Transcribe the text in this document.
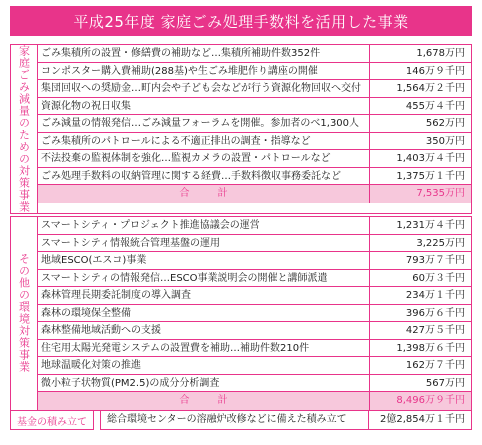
平成25年度 家庭ごみ処理手数料を活用した事業
家庭ごみ減量のための対策事業	ごみ集積所の設置・修繕費の補助など…集積所補助件数352件	1,678万円
コンポスター購入費補助(288基)や生ごみ堆肥作り講座の開催	146万９千円
集団回収への奨励金…町内会や子ども会などが行う資源化物回収へ交付	1,564万２千円
資源化物の祝日収集	455万４千円
ごみ減量の情報発信…ごみ減量フォーラムを開催。参加者のべ1,300人	562万円
ごみ集積所のパトロールによる不適正排出の調査・指導など	350万円
不法投棄の監視体制を強化…監視カメラの設置・パトロールなど	1,403万４千円
ごみ処理手数料の収納管理に関する経費…手数料徴収事務委託など	1,375万１千円
合計	7,535万円
その他の環境対策事業
スマートシティ・プロジェクト推進協議会の運営	1,231万４千円
スマートシティ情報統合管理基盤の運用	3,225万円
地域ESCO(エスコ)事業	793万７千円
スマートシティの情報発信…ESCO事業説明会の開催と講師派遣	60万３千円
森林管理長期委託制度の導入調査	234万１千円
森林の環境保全整備	396万６千円
森林整備地域活動への支援	427万５千円
住宅用太陽光発電システムの設置費を補助…補助件数210件	1,398万６千円
地球温暖化対策の推進	162万７千円
微小粒子状物質(PM2.5)の成分分析調査	567万円
合計	8,496万９千円
基金の積み立て	総合環境センターの溶融炉改修などに備えた積み立て	2億2,854万１千円
